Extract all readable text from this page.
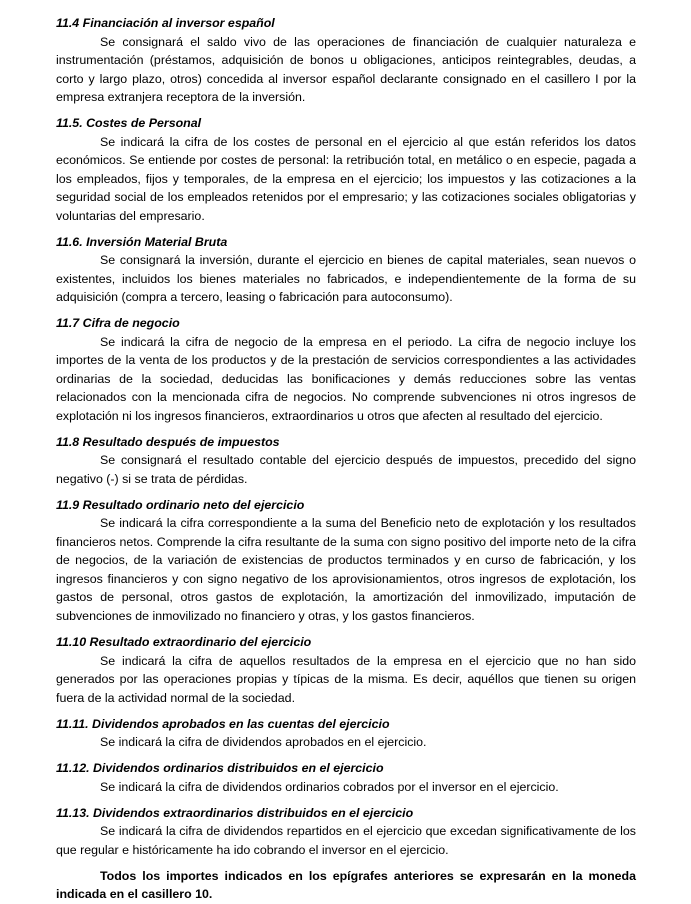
11.4 Financiación al inversor español

Se consignará el saldo vivo de las operaciones de financiación de cualquier naturaleza e instrumentación (préstamos, adquisición de bonos u obligaciones, anticipos reintegrables, deudas, a corto y largo plazo, otros) concedida al inversor español declarante consignado en el casillero I por la empresa extranjera receptora de la inversión.

11.5. Costes de Personal

Se indicará la cifra de los costes de personal en el ejercicio al que están referidos los datos económicos. Se entiende por costes de personal: la retribución total, en metálico o en especie, pagada a los empleados, fijos y temporales, de la empresa en el ejercicio; los impuestos y las cotizaciones a la seguridad social de los empleados retenidos por el empresario; y las cotizaciones sociales obligatorias y voluntarias del empresario.

11.6. Inversión Material Bruta

Se consignará la inversión, durante el ejercicio en bienes de capital materiales, sean nuevos o existentes, incluidos los bienes materiales no fabricados, e independientemente de la forma de su adquisición (compra a tercero, leasing o fabricación para autoconsumo).

11.7 Cifra de negocio

Se indicará la cifra de negocio de la empresa en el periodo. La cifra de negocio incluye los importes de la venta de los productos y de la prestación de servicios correspondientes a las actividades ordinarias de la sociedad, deducidas las bonificaciones y demás reducciones sobre las ventas relacionados con la mencionada cifra de negocios. No comprende subvenciones ni otros ingresos de explotación ni los ingresos financieros, extraordinarios u otros que afecten al resultado del ejercicio.

11.8 Resultado después de impuestos

Se consignará el resultado contable del ejercicio después de impuestos, precedido del signo negativo (-) si se trata de pérdidas.

11.9 Resultado ordinario neto del ejercicio

Se indicará la cifra correspondiente a la suma del Beneficio neto de explotación y los resultados financieros netos. Comprende la cifra resultante de la suma con signo positivo del importe neto de la cifra de negocios, de la variación de existencias de productos terminados y en curso de fabricación, y los ingresos financieros y con signo negativo de los aprovisionamientos, otros ingresos de explotación, los gastos de personal, otros gastos de explotación, la amortización del inmovilizado, imputación de subvenciones de inmovilizado no financiero y otras, y los gastos financieros.

11.10 Resultado extraordinario del ejercicio

Se indicará la cifra de aquellos resultados de la empresa en el ejercicio que no han sido generados por las operaciones propias y típicas de la misma. Es decir, aquéllos que tienen su origen fuera de la actividad normal de la sociedad.

11.11. Dividendos aprobados en las cuentas del ejercicio

Se indicará la cifra de dividendos aprobados en el ejercicio.

11.12. Dividendos ordinarios distribuidos en el ejercicio

Se indicará la cifra de dividendos ordinarios cobrados por el inversor en el ejercicio.

11.13. Dividendos extraordinarios distribuidos en el ejercicio

Se indicará la cifra de dividendos repartidos en el ejercicio que excedan significativamente de los que regular e históricamente ha ido cobrando el inversor en el ejercicio.

Todos los importes indicados en los epígrafes anteriores se expresarán en la moneda indicada en el casillero 10.
